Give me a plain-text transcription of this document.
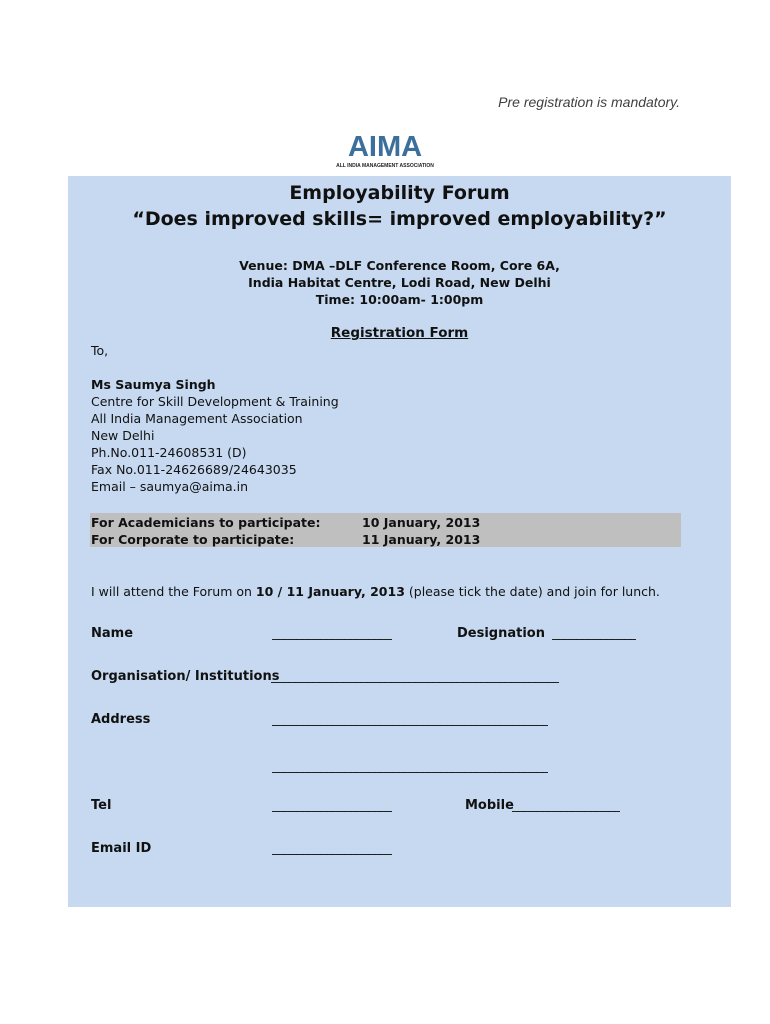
Pre registration is mandatory.
AIMA
ALL INDIA MANAGEMENT ASSOCIATION
Employability Forum
“Does improved skills= improved employability?”
Venue: DMA –DLF Conference Room, Core 6A,
India Habitat Centre, Lodi Road, New Delhi
Time: 10:00am- 1:00pm
Registration Form
To,
Ms Saumya Singh
Centre for Skill Development & Training
All India Management Association
New Delhi
Ph.No.011-24608531 (D)
Fax No.011-24626689/24643035
Email – saumya@aima.in
For Academicians to participate:	10 January, 2013
For Corporate to participate:	11 January, 2013
I will attend the Forum on 10 / 11 January, 2013 (please tick the date) and join for lunch.
Name	____________________	Designation ______________
Organisation/ Institutions
________________________________________________
Address	______________________________________________
______________________________________________
Tel	____________________	Mobile
__________________
Email ID	____________________
